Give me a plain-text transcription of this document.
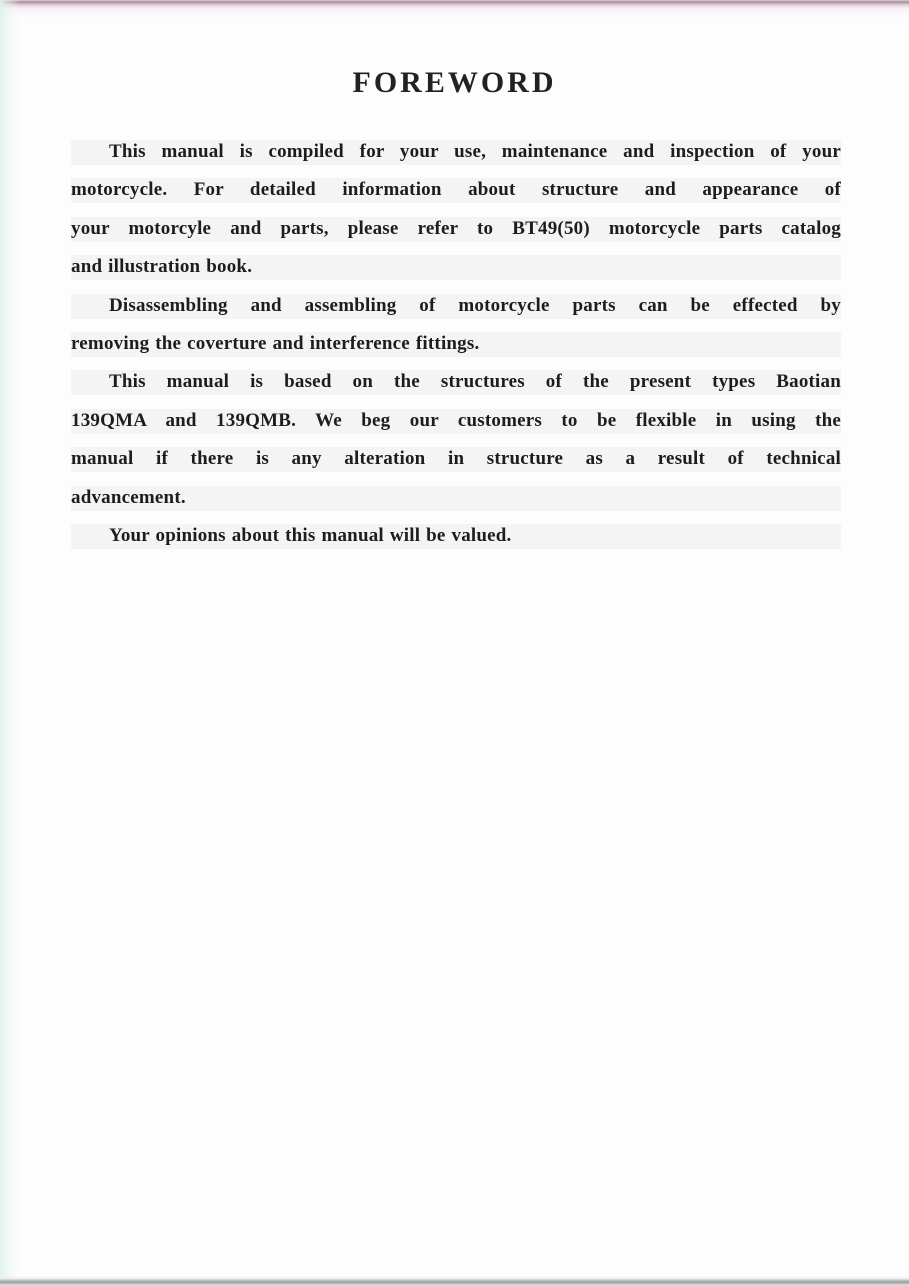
FOREWORD
This manual is compiled for your use, maintenance and inspection of your
motorcycle. For detailed information about structure and appearance of
your motorcyle and parts, please refer to BT49(50) motorcycle parts catalog
and illustration book.
Disassembling and assembling of motorcycle parts can be effected by
removing the coverture and interference fittings.
This manual is based on the structures of the present types Baotian
139QMA and 139QMB. We beg our customers to be flexible in using the
manual if there is any alteration in structure as a result of technical
advancement.
Your opinions about this manual will be valued.
